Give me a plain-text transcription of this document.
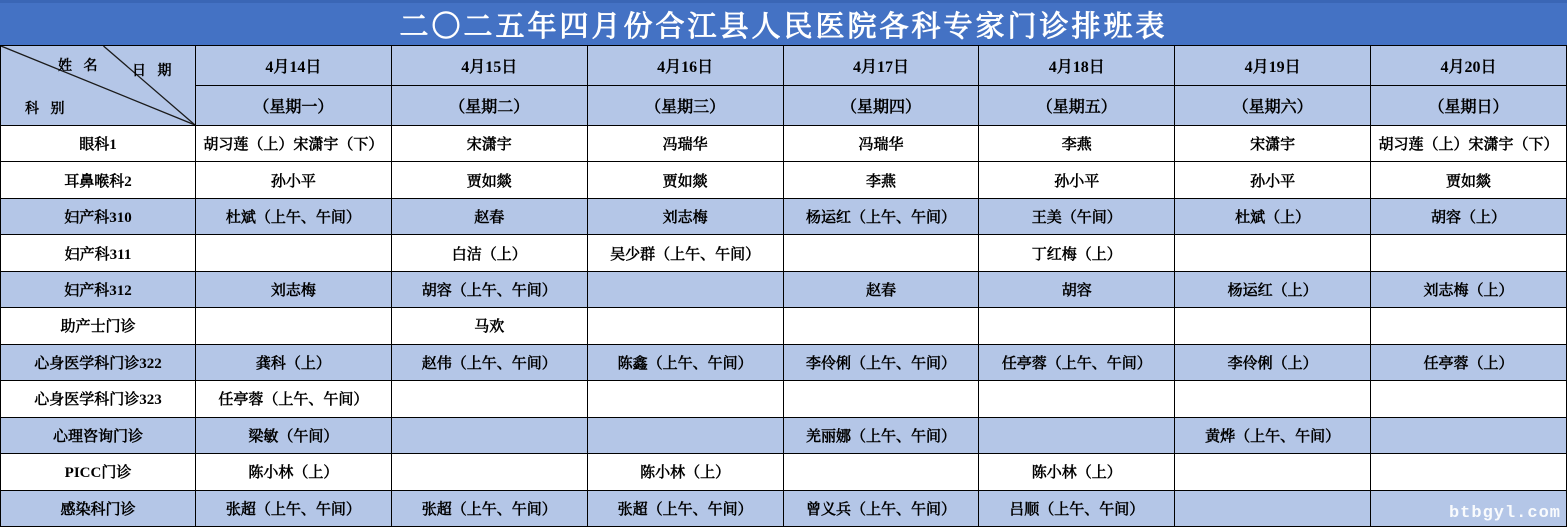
二〇二五年四月份合江县人民医院各科专家门诊排班表
姓 名 日 期
科 别	4月14日	4月15日	4月16日	4月17日	4月18日	4月19日	4月20日
	（星期一）	（星期二）	（星期三）	（星期四）	（星期五）	（星期六）	（星期日）
眼科1	胡习莲（上）宋潇宇（下）	宋潇宇	冯瑞华	冯瑞华	李燕	宋潇宇	胡习莲（上）宋潇宇（下）
耳鼻喉科2	孙小平	贾如燚	贾如燚	李燕	孙小平	孙小平	贾如燚
妇产科310	杜斌（上午、午间）	赵春	刘志梅	杨运红（上午、午间）	王美（午间）	杜斌（上）	胡容（上）
妇产科311		白洁（上）	吴少群（上午、午间）		丁红梅（上）		
妇产科312	刘志梅	胡容（上午、午间）		赵春	胡容	杨运红（上）	刘志梅（上）
助产士门诊		马欢					
心身医学科门诊322	龚科（上）	赵伟（上午、午间）	陈鑫（上午、午间）	李伶俐（上午、午间）	任亭蓉（上午、午间）	李伶俐（上）	任亭蓉（上）
心身医学科门诊323	任亭蓉（上午、午间）						
心理咨询门诊	梁敏（午间）			羌丽娜（上午、午间）		黄烨（上午、午间）	
PICC门诊	陈小林（上）		陈小林（上）		陈小林（上）		
感染科门诊	张超（上午、午间）	张超（上午、午间）	张超（上午、午间）	曾义兵（上午、午间）	吕顺（上午、午间）			btbgyl.com
